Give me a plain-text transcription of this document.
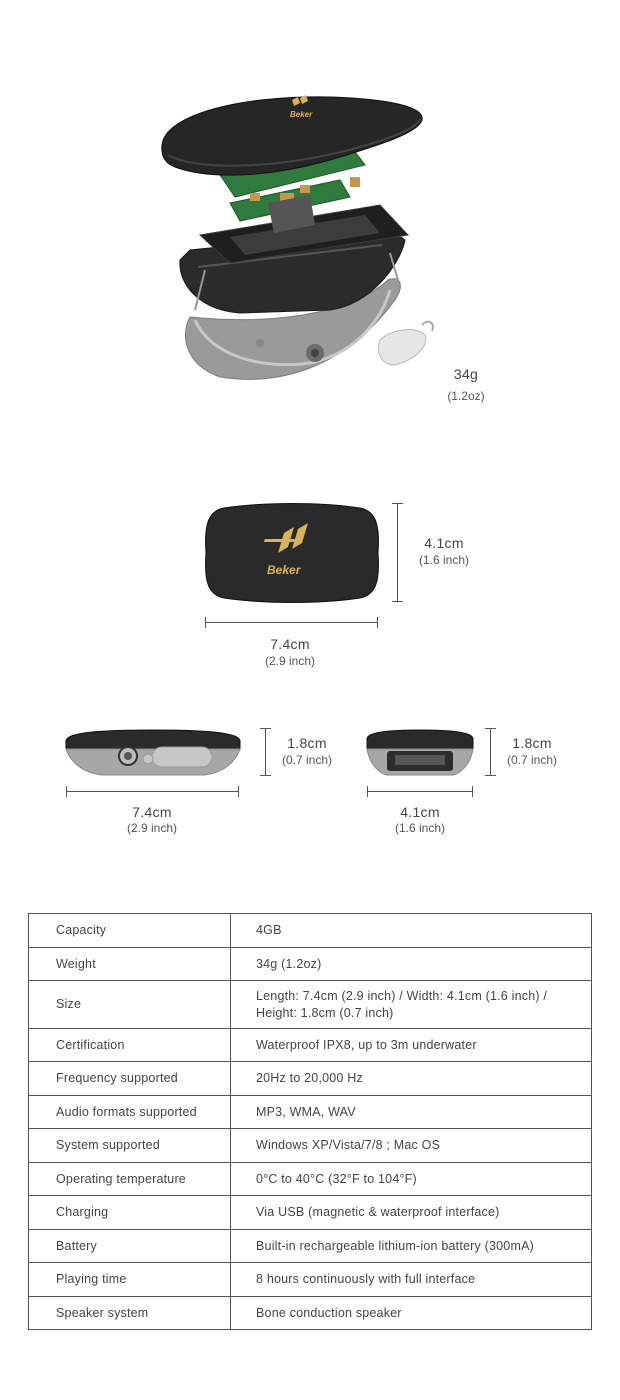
Beker
34g
(1.2oz)
Beker
4.1cm
(1.6 inch)
7.4cm
(2.9 inch)
1.8cm
(0.7 inch)
7.4cm
(2.9 inch)
1.8cm
(0.7 inch)
4.1cm
(1.6 inch)
Capacity	4GB
Weight	34g (1.2oz)
Size	Length: 7.4cm (2.9 inch) / Width: 4.1cm (1.6 inch) / Height: 1.8cm (0.7 inch)
Certification	Waterproof IPX8, up to 3m underwater
Frequency supported	20Hz to 20,000 Hz
Audio formats supported	MP3, WMA, WAV
System supported	Windows XP/Vista/7/8 ; Mac OS
Operating temperature	0°C to 40°C (32°F to 104°F)
Charging	Via USB (magnetic & waterproof interface)
Battery	Built-in rechargeable lithium-ion battery (300mA)
Playing time	8 hours continuously with full interface
Speaker system	Bone conduction speaker
